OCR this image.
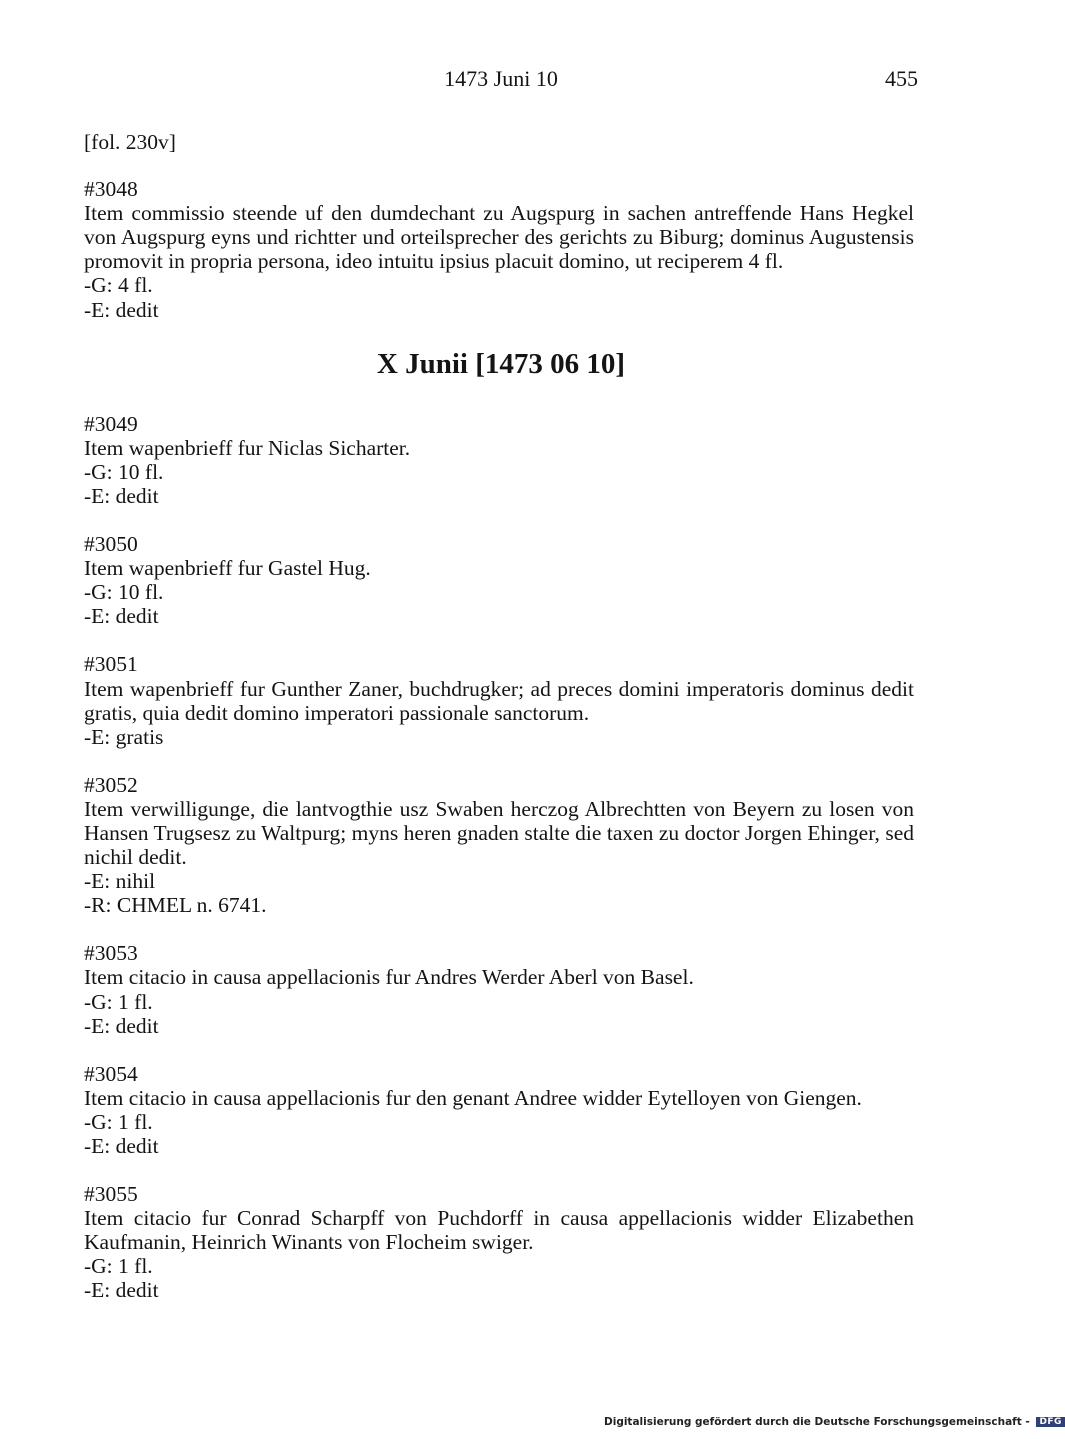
1473 Juni 10	455

[fol. 230v]

#3048

Item commissio steende uf den dumdechant zu Augspurg in sachen antreffende Hans Hegkel von Augspurg eyns und richtter und orteilsprecher des gerichts zu Biburg; dominus Augustensis promovit in propria persona, ideo intuitu ipsius placuit domino, ut reciperem 4 fl.

-G: 4 fl.

-E: dedit

X Junii [1473 06 10]

#3049

Item wapenbrieff fur Niclas Sicharter.

-G: 10 fl.

-E: dedit

#3050

Item wapenbrieff fur Gastel Hug.

-G: 10 fl.

-E: dedit

#3051

Item wapenbrieff fur Gunther Zaner, buchdrugker; ad preces domini imperatoris dominus dedit gratis, quia dedit domino imperatori passionale sanctorum.

-E: gratis

#3052

Item verwilligunge, die lantvogthie usz Swaben herczog Albrechtten von Beyern zu losen von Hansen Trugsesz zu Waltpurg; myns heren gnaden stalte die taxen zu doctor Jorgen Ehinger, sed nichil dedit.

-E: nihil

-R: CHMEL n. 6741.

#3053

Item citacio in causa appellacionis fur Andres Werder Aberl von Basel.

-G: 1 fl.

-E: dedit

#3054

Item citacio in causa appellacionis fur den genant Andree widder Eytelloyen von Giengen.

-G: 1 fl.

-E: dedit

#3055

Item citacio fur Conrad Scharpff von Puchdorff in causa appellacionis widder Elizabethen Kaufmanin, Heinrich Winants von Flocheim swiger.

-G: 1 fl.

-E: dedit

Digitalisierung gefördert durch die Deutsche Forschungsgemeinschaft - DFG
